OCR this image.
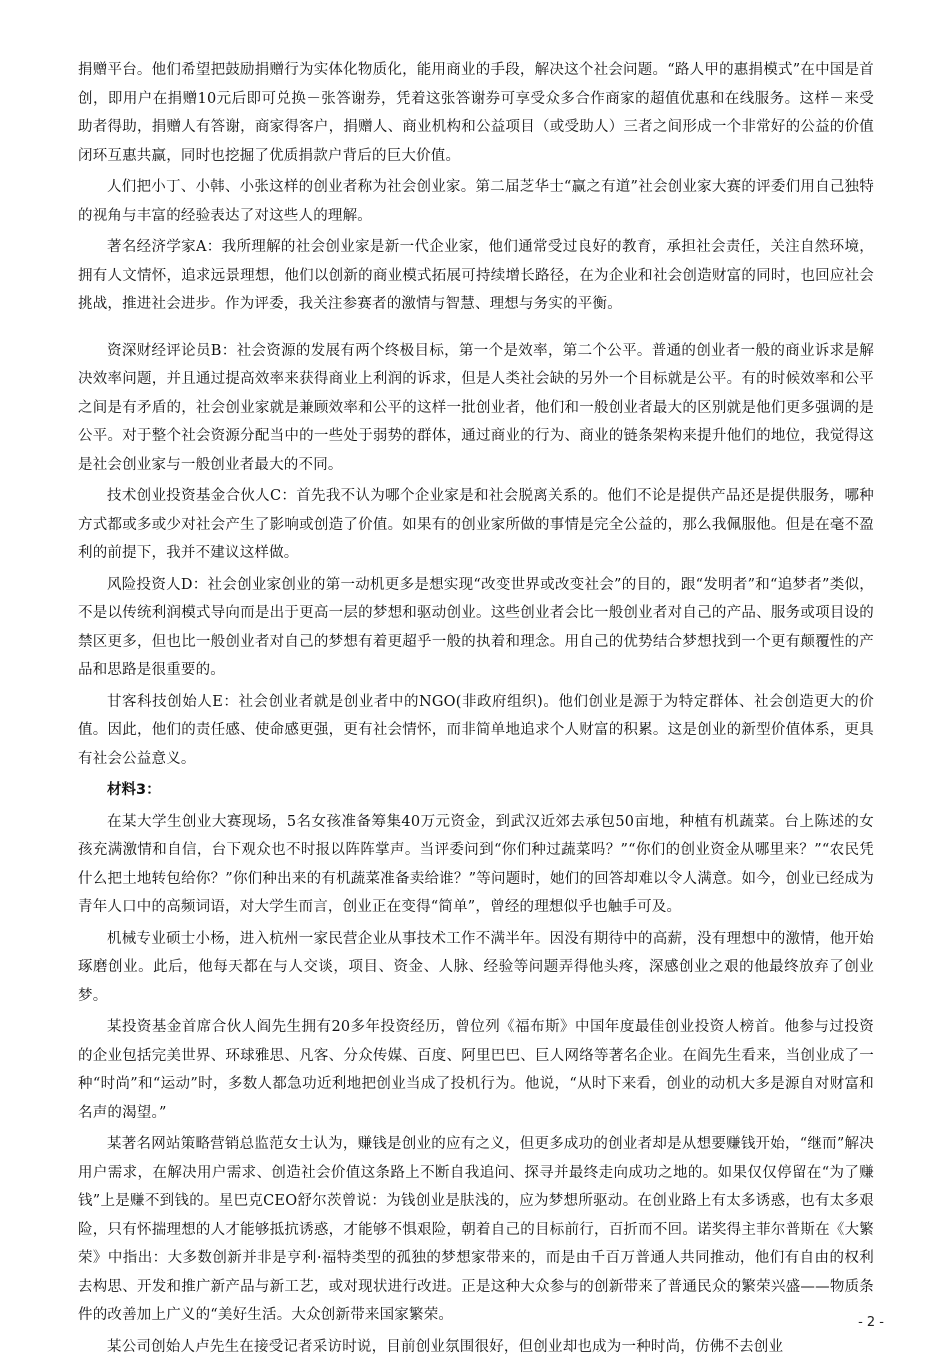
捐赠平台。他们希望把鼓励捐赠行为实体化物质化，能用商业的手段，解决这个社会问题。“路人甲的惠捐模式”在中国是首创，即用户在捐赠10元后即可兑换－张答谢券，凭着这张答谢券可享受众多合作商家的超值优惠和在线服务。这样－来受助者得助，捐赠人有答谢，商家得客户，捐赠人、商业机构和公益项目（或受助人）三者之间形成一个非常好的公益的价值闭环互惠共赢，同时也挖掘了优质捐款户背后的巨大价值。

人们把小丁、小韩、小张这样的创业者称为社会创业家。第二届芝华士“赢之有道”社会创业家大赛的评委们用自己独特的视角与丰富的经验表达了对这些人的理解。

著名经济学家A：我所理解的社会创业家是新一代企业家，他们通常受过良好的教育，承担社会责任，关注自然环境，拥有人文情怀，追求远景理想，他们以创新的商业模式拓展可持续增长路径，在为企业和社会创造财富的同时，也回应社会挑战，推进社会进步。作为评委，我关注参赛者的激情与智慧、理想与务实的平衡。

资深财经评论员B：社会资源的发展有两个终极目标，第一个是效率，第二个公平。普通的创业者一般的商业诉求是解决效率问题，并且通过提高效率来获得商业上利润的诉求，但是人类社会缺的另外一个目标就是公平。有的时候效率和公平之间是有矛盾的，社会创业家就是兼顾效率和公平的这样一批创业者，他们和一般创业者最大的区别就是他们更多强调的是公平。对于整个社会资源分配当中的一些处于弱势的群体，通过商业的行为、商业的链条架构来提升他们的地位，我觉得这是社会创业家与一般创业者最大的不同。

技术创业投资基金合伙人C：首先我不认为哪个企业家是和社会脱离关系的。他们不论是提供产品还是提供服务，哪种方式都或多或少对社会产生了影响或创造了价值。如果有的创业家所做的事情是完全公益的，那么我佩服他。但是在毫不盈利的前提下，我并不建议这样做。

风险投资人D：社会创业家创业的第一动机更多是想实现“改变世界或改变社会”的目的，跟“发明者”和“追梦者”类似，不是以传统利润模式导向而是出于更高一层的梦想和驱动创业。这些创业者会比一般创业者对自己的产品、服务或项目设的禁区更多，但也比一般创业者对自己的梦想有着更超乎一般的执着和理念。用自己的优势结合梦想找到一个更有颠覆性的产品和思路是很重要的。

甘客科技创始人E：社会创业者就是创业者中的NGO(非政府组织)。他们创业是源于为特定群体、社会创造更大的价值。因此，他们的责任感、使命感更强，更有社会情怀，而非简单地追求个人财富的积累。这是创业的新型价值体系，更具有社会公益意义。

材料3：

在某大学生创业大赛现场，5名女孩准备筹集40万元资金，到武汉近郊去承包50亩地，种植有机蔬菜。台上陈述的女孩充满激情和自信，台下观众也不时报以阵阵掌声。当评委问到“你们种过蔬菜吗？”“你们的创业资金从哪里来？”“农民凭什么把土地转包给你？”你们种出来的有机蔬菜准备卖给谁？”等问题时，她们的回答却难以令人满意。如今，创业已经成为青年人口中的高频词语，对大学生而言，创业正在变得“简单”，曾经的理想似乎也触手可及。

机械专业硕士小杨，进入杭州一家民营企业从事技术工作不满半年。因没有期待中的高薪，没有理想中的激情，他开始琢磨创业。此后，他每天都在与人交谈，项目、资金、人脉、经验等问题弄得他头疼，深感创业之艰的他最终放弃了创业梦。

某投资基金首席合伙人阎先生拥有20多年投资经历，曾位列《福布斯》中国年度最佳创业投资人榜首。他参与过投资的企业包括完美世界、环球雅思、凡客、分众传媒、百度、阿里巴巴、巨人网络等著名企业。在阎先生看来，当创业成了一种“时尚”和“运动”时，多数人都急功近利地把创业当成了投机行为。他说，“从时下来看，创业的动机大多是源自对财富和名声的渴望。”

某著名网站策略营销总监范女士认为，赚钱是创业的应有之义，但更多成功的创业者却是从想要赚钱开始，“继而”解决用户需求，在解决用户需求、创造社会价值这条路上不断自我追问、探寻并最终走向成功之地的。如果仅仅停留在“为了赚钱”上是赚不到钱的。星巴克CEO舒尔茨曾说：为钱创业是肤浅的，应为梦想所驱动。在创业路上有太多诱惑，也有太多艰险，只有怀揣理想的人才能够抵抗诱惑，才能够不惧艰险，朝着自己的目标前行，百折而不回。诺奖得主菲尔普斯在《大繁荣》中指出：大多数创新并非是亨利·福特类型的孤独的梦想家带来的，而是由千百万普通人共同推动，他们有自由的权利去构思、开发和推广新产品与新工艺，或对现状进行改进。正是这种大众参与的创新带来了普通民众的繁荣兴盛——物质条件的改善加上广义的“美好生活。大众创新带来国家繁荣。

某公司创始人卢先生在接受记者采访时说，目前创业氛围很好，但创业却也成为一种时尚，仿佛不去创业

- 2 -
